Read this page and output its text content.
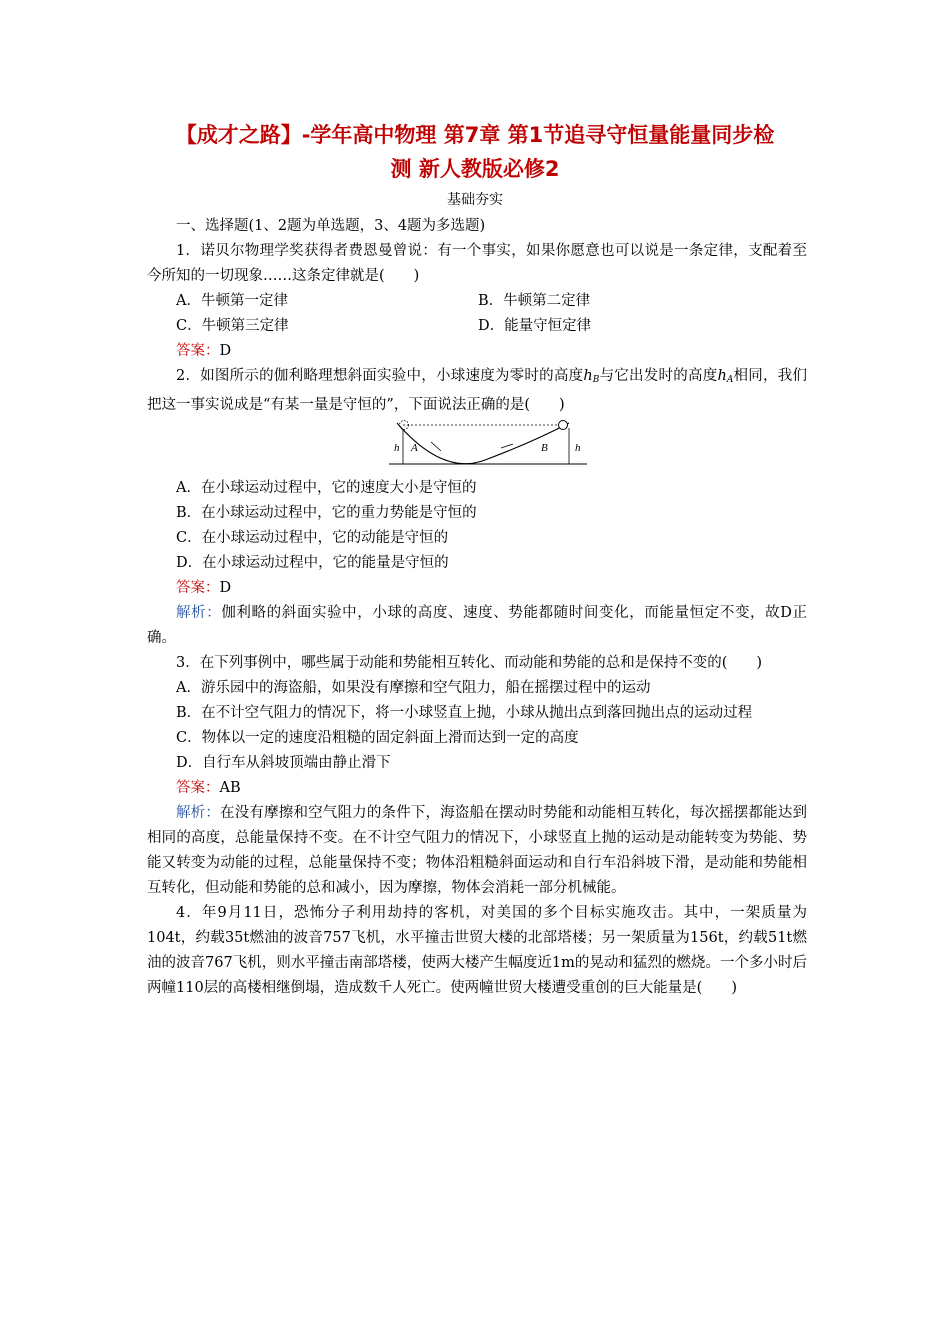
【成才之路】-学年高中物理 第7章 第1节追寻守恒量能量同步检
测 新人教版必修2
基础夯实

一、选择题(1、2题为单选题，3、4题为多选题)

1．诺贝尔物理学奖获得者费恩曼曾说：有一个事实，如果你愿意也可以说是一条定律，支配着至今所知的一切现象……这条定律就是(　　)

A．牛顿第一定律	B．牛顿第二定律
C．牛顿第三定律	D．能量守恒定律

答案：D

2．如图所示的伽利略理想斜面实验中，小球速度为零时的高度$h_B$与它出发时的高度$h_A$相同，我们把这一事实说成是“有某一量是守恒的”，下面说法正确的是(　　)

h A	B h

A．在小球运动过程中，它的速度大小是守恒的

B．在小球运动过程中，它的重力势能是守恒的

C．在小球运动过程中，它的动能是守恒的

D．在小球运动过程中，它的能量是守恒的

答案：D

解析：伽利略的斜面实验中，小球的高度、速度、势能都随时间变化，而能量恒定不变，故D正确。

3．在下列事例中，哪些属于动能和势能相互转化、而动能和势能的总和是保持不变的(　　)

A．游乐园中的海盗船，如果没有摩擦和空气阻力，船在摇摆过程中的运动

B．在不计空气阻力的情况下，将一小球竖直上抛，小球从抛出点到落回抛出点的运动过程

C．物体以一定的速度沿粗糙的固定斜面上滑而达到一定的高度

D．自行车从斜坡顶端由静止滑下

答案：AB

解析：在没有摩擦和空气阻力的条件下，海盗船在摆动时势能和动能相互转化，每次摇摆都能达到相同的高度，总能量保持不变。在不计空气阻力的情况下，小球竖直上抛的运动是动能转变为势能、势能又转变为动能的过程，总能量保持不变；物体沿粗糙斜面运动和自行车沿斜坡下滑，是动能和势能相互转化，但动能和势能的总和减小，因为摩擦，物体会消耗一部分机械能。

4．年9月11日，恐怖分子利用劫持的客机，对美国的多个目标实施攻击。其中，一架质量为104t，约载35t燃油的波音757飞机，水平撞击世贸大楼的北部塔楼；另一架质量为156t，约载51t燃油的波音767飞机，则水平撞击南部塔楼，使两大楼产生幅度近1m的晃动和猛烈的燃烧。一个多小时后两幢110层的高楼相继倒塌，造成数千人死亡。使两幢世贸大楼遭受重创的巨大能量是(　　)
